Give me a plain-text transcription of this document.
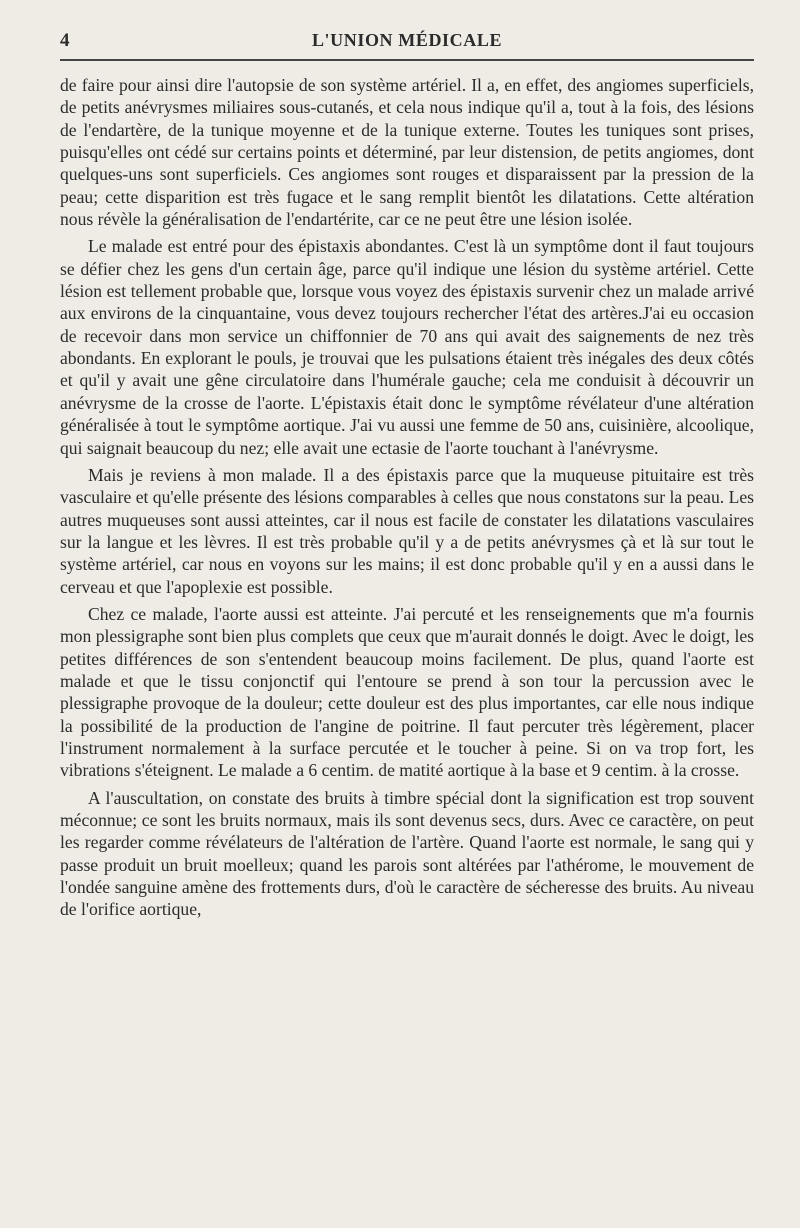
4	L'UNION MÉDICALE

de faire pour ainsi dire l'autopsie de son système artériel. Il a, en effet, des angiomes superficiels, de petits anévrysmes miliaires sous-cutanés, et cela nous indique qu'il a, tout à la fois, des lésions de l'endartère, de la tunique moyenne et de la tunique externe. Toutes les tuniques sont prises, puisqu'elles ont cédé sur certains points et déterminé, par leur distension, de petits angiomes, dont quelques-uns sont superficiels. Ces angiomes sont rouges et disparaissent par la pression de la peau; cette disparition est très fugace et le sang remplit bientôt les dilatations. Cette altération nous révèle la généralisation de l'endartérite, car ce ne peut être une lésion isolée.

Le malade est entré pour des épistaxis abondantes. C'est là un symptôme dont il faut toujours se défier chez les gens d'un certain âge, parce qu'il indique une lésion du système artériel. Cette lésion est tellement probable que, lorsque vous voyez des épistaxis survenir chez un malade arrivé aux environs de la cinquantaine, vous devez toujours rechercher l'état des artères.J'ai eu occasion de recevoir dans mon service un chiffonnier de 70 ans qui avait des saignements de nez très abondants. En explorant le pouls, je trouvai que les pulsations étaient très inégales des deux côtés et qu'il y avait une gêne circulatoire dans l'humérale gauche; cela me conduisit à découvrir un anévrysme de la crosse de l'aorte. L'épistaxis était donc le symptôme révélateur d'une altération généralisée à tout le symptôme aortique. J'ai vu aussi une femme de 50 ans, cuisinière, alcoolique, qui saignait beaucoup du nez; elle avait une ectasie de l'aorte touchant à l'anévrysme.

Mais je reviens à mon malade. Il a des épistaxis parce que la muqueuse pituitaire est très vasculaire et qu'elle présente des lésions comparables à celles que nous constatons sur la peau. Les autres muqueuses sont aussi atteintes, car il nous est facile de constater les dilatations vasculaires sur la langue et les lèvres. Il est très probable qu'il y a de petits anévrysmes çà et là sur tout le système artériel, car nous en voyons sur les mains; il est donc probable qu'il y en a aussi dans le cerveau et que l'apoplexie est possible.

Chez ce malade, l'aorte aussi est atteinte. J'ai percuté et les renseignements que m'a fournis mon plessigraphe sont bien plus complets que ceux que m'aurait donnés le doigt. Avec le doigt, les petites différences de son s'entendent beaucoup moins facilement. De plus, quand l'aorte est malade et que le tissu conjonctif qui l'entoure se prend à son tour la percussion avec le plessigraphe provoque de la douleur; cette douleur est des plus importantes, car elle nous indique la possibilité de la production de l'angine de poitrine. Il faut percuter très légèrement, placer l'instrument normalement à la surface percutée et le toucher à peine. Si on va trop fort, les vibrations s'éteignent. Le malade a 6 centim. de matité aortique à la base et 9 centim. à la crosse.

A l'auscultation, on constate des bruits à timbre spécial dont la signification est trop souvent méconnue; ce sont les bruits normaux, mais ils sont devenus secs, durs. Avec ce caractère, on peut les regarder comme révélateurs de l'altération de l'artère. Quand l'aorte est normale, le sang qui y passe produit un bruit moelleux; quand les parois sont altérées par l'athérome, le mouvement de l'ondée sanguine amène des frottements durs, d'où le caractère de sécheresse des bruits. Au niveau de l'orifice aortique,
